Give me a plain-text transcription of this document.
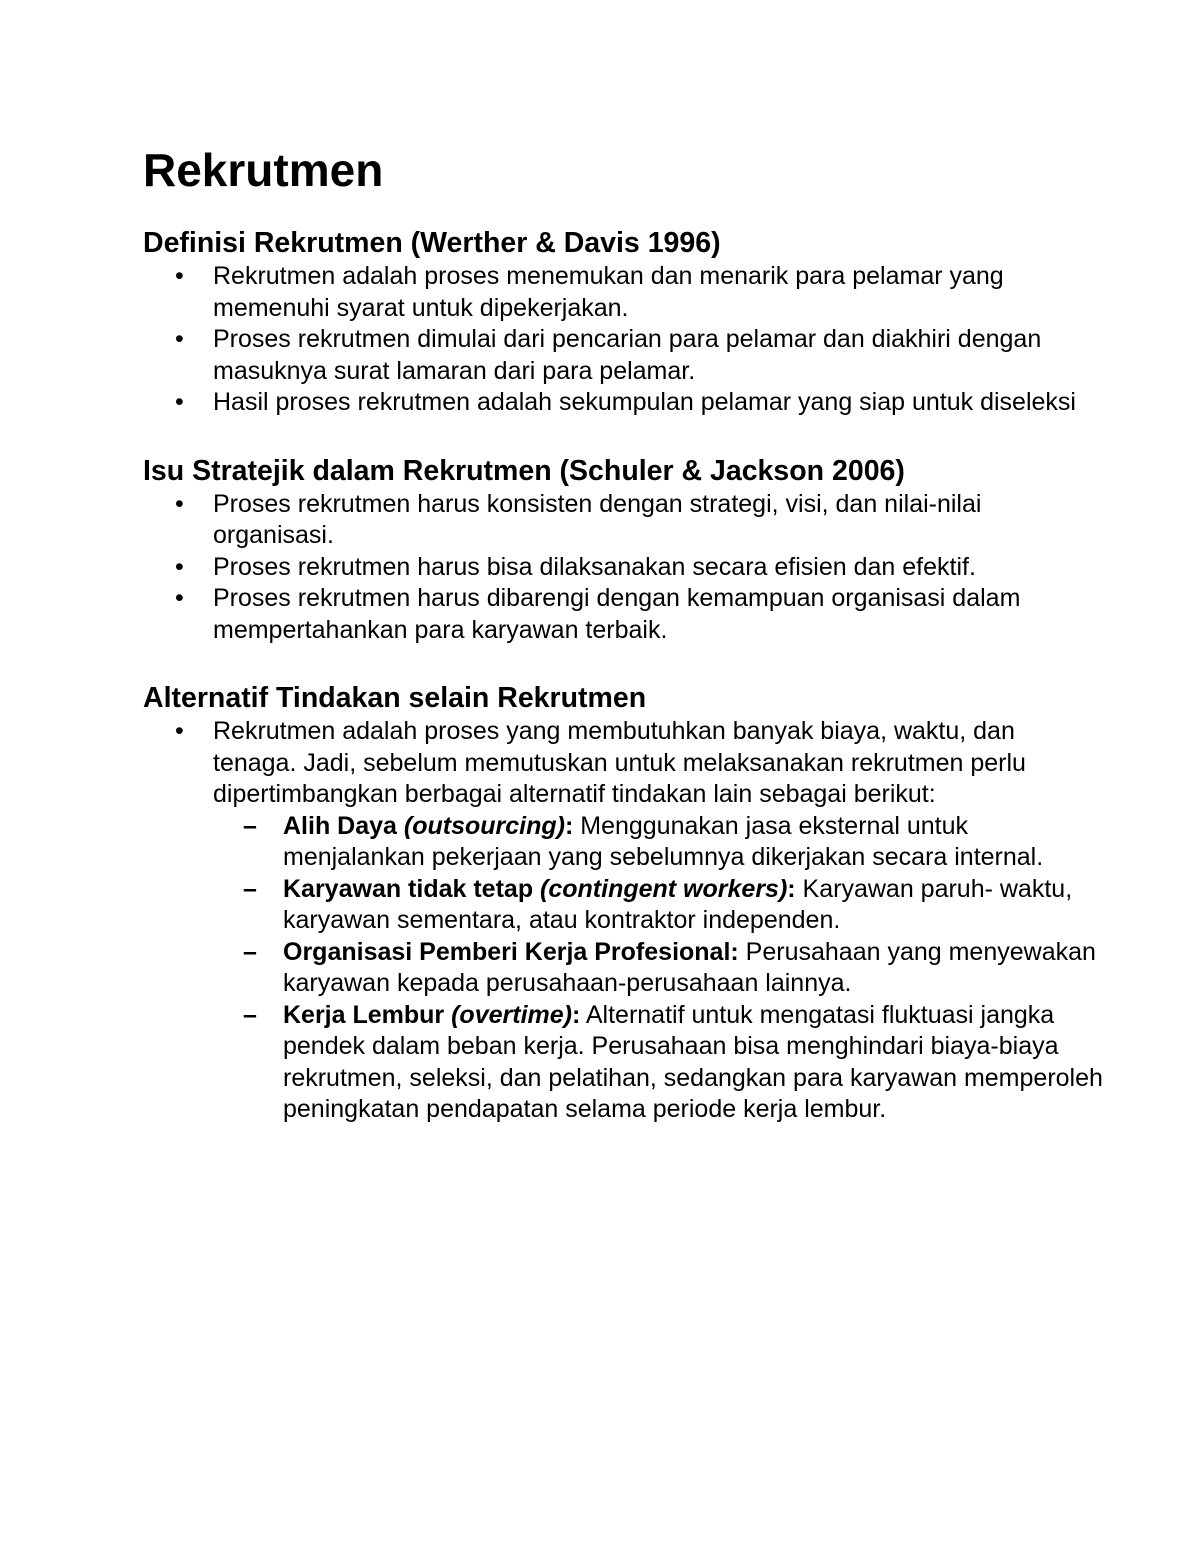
Rekrutmen
Definisi Rekrutmen (Werther & Davis 1996)
• Rekrutmen adalah proses menemukan dan menarik para pelamar yang memenuhi syarat untuk dipekerjakan.
• Proses rekrutmen dimulai dari pencarian para pelamar dan diakhiri dengan masuknya surat lamaran dari para pelamar.
• Hasil proses rekrutmen adalah sekumpulan pelamar yang siap untuk diseleksi
Isu Stratejik dalam Rekrutmen (Schuler & Jackson 2006)
• Proses rekrutmen harus konsisten dengan strategi, visi, dan nilai-nilai organisasi.
• Proses rekrutmen harus bisa dilaksanakan secara efisien dan efektif.
• Proses rekrutmen harus dibarengi dengan kemampuan organisasi dalam mempertahankan para karyawan terbaik.
Alternatif Tindakan selain Rekrutmen
• Rekrutmen adalah proses yang membutuhkan banyak biaya, waktu, dan tenaga. Jadi, sebelum memutuskan untuk melaksanakan rekrutmen perlu dipertimbangkan berbagai alternatif tindakan lain sebagai berikut:
– Alih Daya (outsourcing): Menggunakan jasa eksternal untuk menjalankan pekerjaan yang sebelumnya dikerjakan secara internal.
– Karyawan tidak tetap (contingent workers): Karyawan paruh- waktu, karyawan sementara, atau kontraktor independen.
– Organisasi Pemberi Kerja Profesional: Perusahaan yang menyewakan karyawan kepada perusahaan-perusahaan lainnya.
– Kerja Lembur (overtime): Alternatif untuk mengatasi fluktuasi jangka pendek dalam beban kerja. Perusahaan bisa menghindari biaya-biaya rekrutmen, seleksi, dan pelatihan, sedangkan para karyawan memperoleh peningkatan pendapatan selama periode kerja lembur.
